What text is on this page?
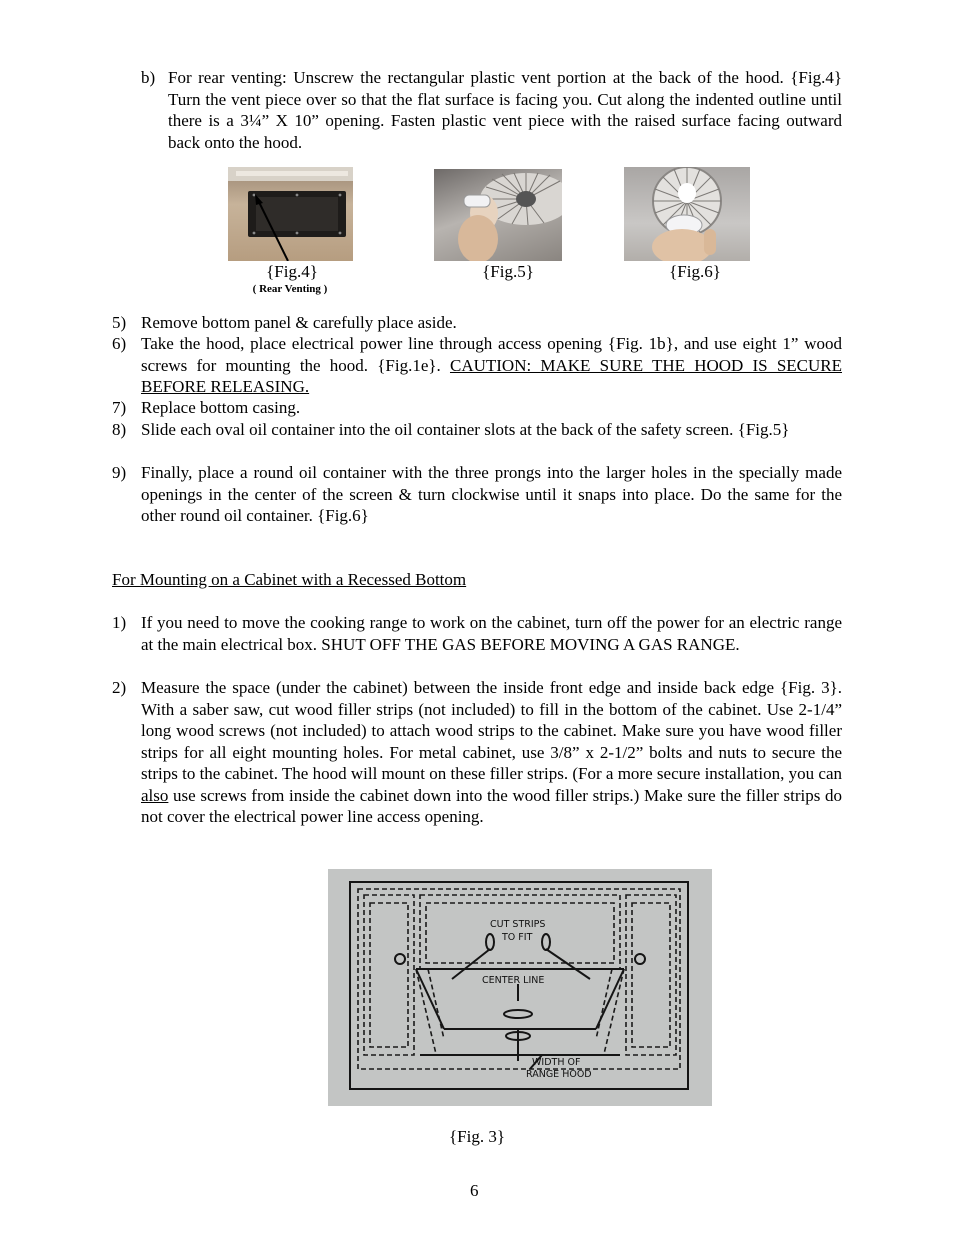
b) For rear venting: Unscrew the rectangular plastic vent portion at the back of the hood. {Fig.4} Turn the vent piece over so that the flat surface is facing you. Cut along the indented outline until there is a 3¼” X 10” opening. Fasten plastic vent piece with the raised surface facing outward back onto the hood.
{Fig.4}
( Rear Venting )
{Fig.5}	{Fig.6}
5) Remove bottom panel & carefully place aside.
6) Take the hood, place electrical power line through access opening {Fig. 1b}, and use eight 1” wood screws for mounting the hood. {Fig.1e}. CAUTION: MAKE SURE THE HOOD IS SECURE BEFORE RELEASING.
7) Replace bottom casing.
8) Slide each oval oil container into the oil container slots at the back of the safety screen. {Fig.5}
9) Finally, place a round oil container with the three prongs into the larger holes in the specially made openings in the center of the screen & turn clockwise until it snaps into place. Do the same for the other round oil container. {Fig.6}
For Mounting on a Cabinet with a Recessed Bottom
1) If you need to move the cooking range to work on the cabinet, turn off the power for an electric range at the main electrical box. SHUT OFF THE GAS BEFORE MOVING A GAS RANGE.
2) Measure the space (under the cabinet) between the inside front edge and inside back edge {Fig. 3}. With a saber saw, cut wood filler strips (not included) to fill in the bottom of the cabinet. Use 2-1/4” long wood screws (not included) to attach wood strips to the cabinet. Make sure you have wood filler strips for all eight mounting holes. For metal cabinet, use 3/8” x 2-1/2” bolts and nuts to secure the strips to the cabinet. The hood will mount on these filler strips. (For a more secure installation, you can also use screws from inside the cabinet down into the wood filler strips.) Make sure the filler strips do not cover the electrical power line access opening.
CUT STRIPS
TO FIT
CENTER LINE
WIDTH OF
RANGE HOOD
{Fig. 3}
6
